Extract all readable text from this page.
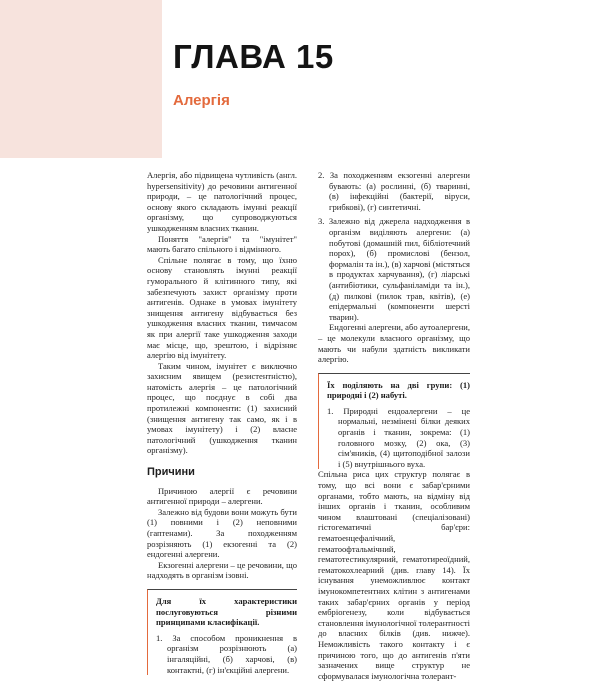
ГЛАВА 15
Алергія

Алергія, або підвищена чутливість (англ. hypersensitivity) до речовини антигенної природи, – це патологічний процес, основу якого складають імунні реакції організму, що супроводжуються ушкодженням власних тканин.

Поняття "алергія" та "імунітет" мають багато спільного і відмінного.

Спільне полягає в тому, що їхню основу становлять імунні реакції гуморального й клітинного типу, які забезпечують захист організму проти антигенів. Однаке в умовах імунітету знищення антигену відбувається без ушкодження власних тканин, тимчасом як при алергії таке ушкодження заходи має місце, що, зрештою, і відрізняє алергію від імунітету.

Таким чином, імунітет є виключно захисним явищем (резистентністю), натомість алергія – це патологічний процес, що поєднує в собі два протилежні компоненти: (1) захисний (знищення антигену так само, як і в умовах імунітету) і (2) власне патологічний (ушкодження тканин організму).

Причини

Причиною алергії є речовини антигенної природи – алергени.

Залежно від будови вони можуть бути (1) повними і (2) неповними (гаптенами). За походженням розрізняють (1) екзогенні та (2) ендогенні алергени.

Екзогенні алергени – це речовини, що надходять в організм ізовні.

Для їх характеристики послуговуються різними принципами класифікації.

1. За способом проникнення в організм розрізнюють (а) інгаляційні, (б) харчові, (в) контактні, (г) ін'єкційні алергени.
2. За походженням екзогенні алергени бувають: (а) рослинні, (б) тваринні, (в) інфекційні (бактерії, віруси, грибкові), (г) синтетичні.
3. Залежно від джерела надходження в організм виділяють алергени: (а) побутові (домашній пил, бібліотечний порох), (б) промислові (бензол, формалін та ін.), (в) харчові (містяться в продуктах харчування), (г) ліарські (антибіотики, сульфаніламіди та ін.), (д) пилкові (пилок трав, квітів), (е) епідермальні (компоненти шерсті тварин).

Ендогенні алергени, або аутоалергени, – це молекули власного організму, що мають чи набули здатність викликати алергію.

Їх поділяють на дві групи: (1) природні і (2) набуті.

1. Природні ендоалергени – це нормальні, незмінені білки деяких органів і тканин, зокрема: (1) головного мозку, (2) ока, (3) сім'яників, (4) щитоподібної залози і (5) внутрішнього вуха.

Спільна риса цих структур полягає в тому, що всі вони є забар'єрними органами, тобто мають, на відміну від інших органів і тканин, особливим чином влаштовані (спеціалізовані) гістогематичні бар'єри: гематоенцефалічний, гематоофтальмічний, гематотестикулярний, гематотиреоїдний, гематокохлеарний (див. главу 14). Їх існування унеможливлює контакт імунокомпетентних клітин з антигенами таких забар'єрних органів у період ембріогенезу, коли відбувається становлення імунологічної толерантності до власних білків (див. нижче). Неможливість такого контакту і є причиною того, що до антигенів п'яти зазначених вище структур не сформувалася імунологічна толерант-
